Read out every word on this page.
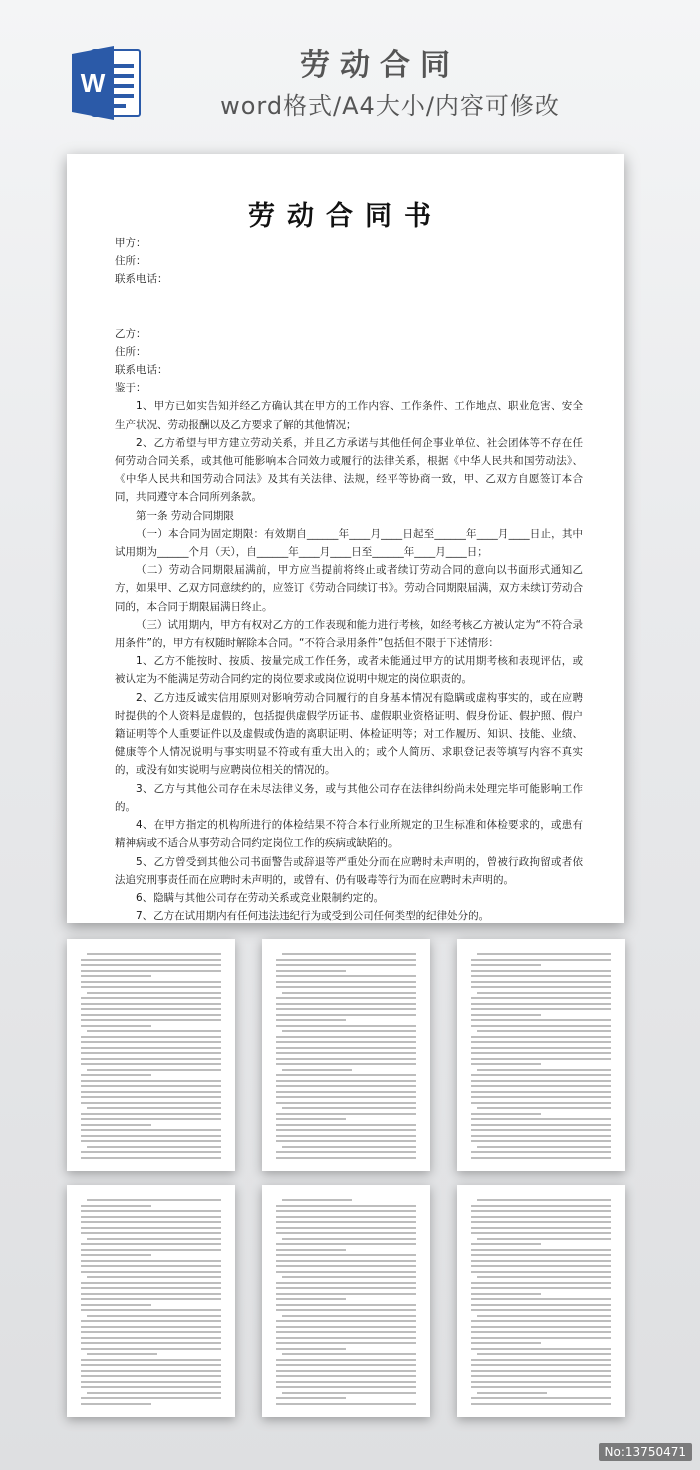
W	劳动合同
word格式/A4大小/内容可修改
劳动合同书

甲方：

住所：

联系电话：

乙方：

住所：

联系电话：

鉴于：

1、甲方已如实告知并经乙方确认其在甲方的工作内容、工作条件、工作地点、职业危害、安全生产状况、劳动报酬以及乙方要求了解的其他情况；

2、乙方希望与甲方建立劳动关系，并且乙方承诺与其他任何企事业单位、社会团体等不存在任何劳动合同关系，或其他可能影响本合同效力或履行的法律关系，根据《中华人民共和国劳动法》、《中华人民共和国劳动合同法》及其有关法律、法规，经平等协商一致，甲、乙双方自愿签订本合同，共同遵守本合同所列条款。

第一条 劳动合同期限

（一）本合同为固定期限：有效期自______年____月____日起至______年____月____日止，其中试用期为______个月（天），自______年____月____日至______年____月____日；

（二）劳动合同期限届满前，甲方应当提前将终止或者续订劳动合同的意向以书面形式通知乙方，如果甲、乙双方同意续约的，应签订《劳动合同续订书》。劳动合同期限届满，双方未续订劳动合同的，本合同于期限届满日终止。

（三）试用期内，甲方有权对乙方的工作表现和能力进行考核，如经考核乙方被认定为“不符合录用条件”的，甲方有权随时解除本合同。“不符合录用条件”包括但不限于下述情形：

1、乙方不能按时、按质、按量完成工作任务，或者未能通过甲方的试用期考核和表现评估，或被认定为不能满足劳动合同约定的岗位要求或岗位说明中规定的岗位职责的。

2、乙方违反诚实信用原则对影响劳动合同履行的自身基本情况有隐瞒或虚构事实的，或在应聘时提供的个人资料是虚假的，包括提供虚假学历证书、虚假职业资格证明、假身份证、假护照、假户籍证明等个人重要证件以及虚假或伪造的离职证明、体检证明等；对工作履历、知识、技能、业绩、健康等个人情况说明与事实明显不符或有重大出入的；或个人简历、求职登记表等填写内容不真实的，或没有如实说明与应聘岗位相关的情况的。

3、乙方与其他公司存在未尽法律义务，或与其他公司存在法律纠纷尚未处理完毕可能影响工作的。

4、在甲方指定的机构所进行的体检结果不符合本行业所规定的卫生标准和体检要求的，或患有精神病或不适合从事劳动合同约定岗位工作的疾病或缺陷的。

5、乙方曾受到其他公司书面警告或辞退等严重处分而在应聘时未声明的，曾被行政拘留或者依法追究刑事责任而在应聘时未声明的，或曾有、仍有吸毒等行为而在应聘时未声明的。

6、隐瞒与其他公司存在劳动关系或竞业限制约定的。

7、乙方在试用期内有任何违法违纪行为或受到公司任何类型的纪律处分的。

No:13750471
